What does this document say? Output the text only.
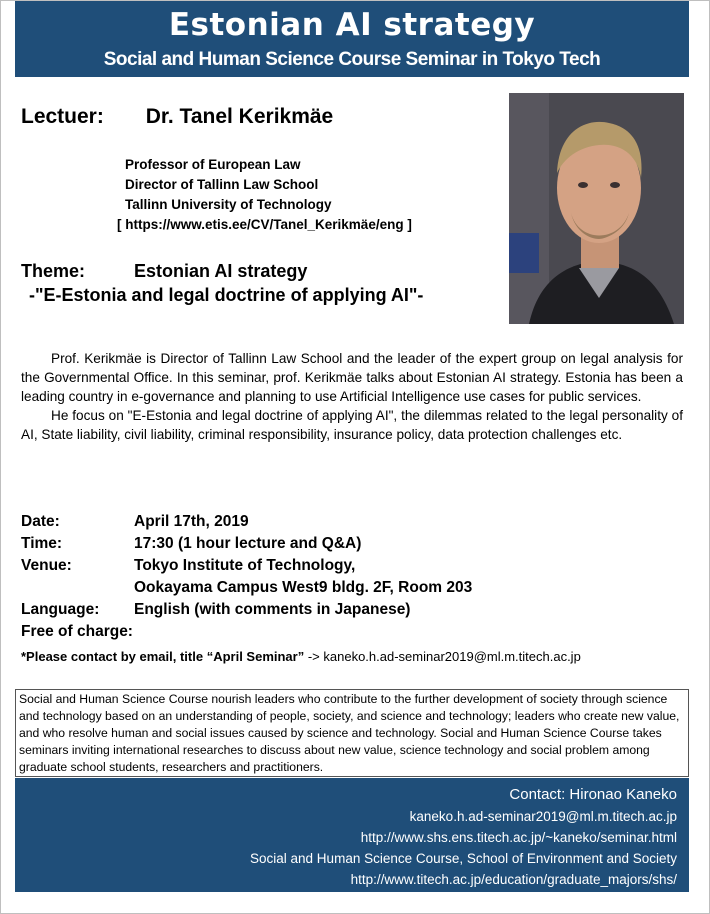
Estonian AI strategy
Social and Human Science Course Seminar in Tokyo Tech
Lectuer: Dr. Tanel Kerikmäe
Professor of European Law
Director of Tallinn Law School
Tallinn University of Technology
[ https://www.etis.ee/CV/Tanel_Kerikmäe/eng ]
Theme:	Estonian AI strategy
-"E-Estonia and legal doctrine of applying AI"-

Prof. Kerikmäe is Director of Tallinn Law School and the leader of the expert group on legal analysis for the Governmental Office. In this seminar, prof. Kerikmäe talks about Estonian AI strategy. Estonia has been a leading country in e-governance and planning to use Artificial Intelligence use cases for public services.

He focus on "E-Estonia and legal doctrine of applying AI", the dilemmas related to the legal personality of AI, State liability, civil liability, criminal responsibility, insurance policy, data protection challenges etc.

Date:	April 17th, 2019
Time:	17:30 (1 hour lecture and Q&A)
Venue:	Tokyo Institute of Technology,
Ookayama Campus West9 bldg. 2F, Room 203
Language:	English (with comments in Japanese)
Free of charge:
*Please contact by email, title “April Seminar” -> kaneko.h.ad-seminar2019@ml.m.titech.ac.jp
Social and Human Science Course nourish leaders who contribute to the further development of society through science and technology based on an understanding of people, society, and science and technology; leaders who create new value, and who resolve human and social issues caused by science and technology. Social and Human Science Course takes seminars inviting international researches to discuss about new value, science technology and social problem among graduate school students, researchers and practitioners.
Contact: Hironao Kaneko
kaneko.h.ad-seminar2019@ml.m.titech.ac.jp
http://www.shs.ens.titech.ac.jp/~kaneko/seminar.html
Social and Human Science Course, School of Environment and Society
http://www.titech.ac.jp/education/graduate_majors/shs/
